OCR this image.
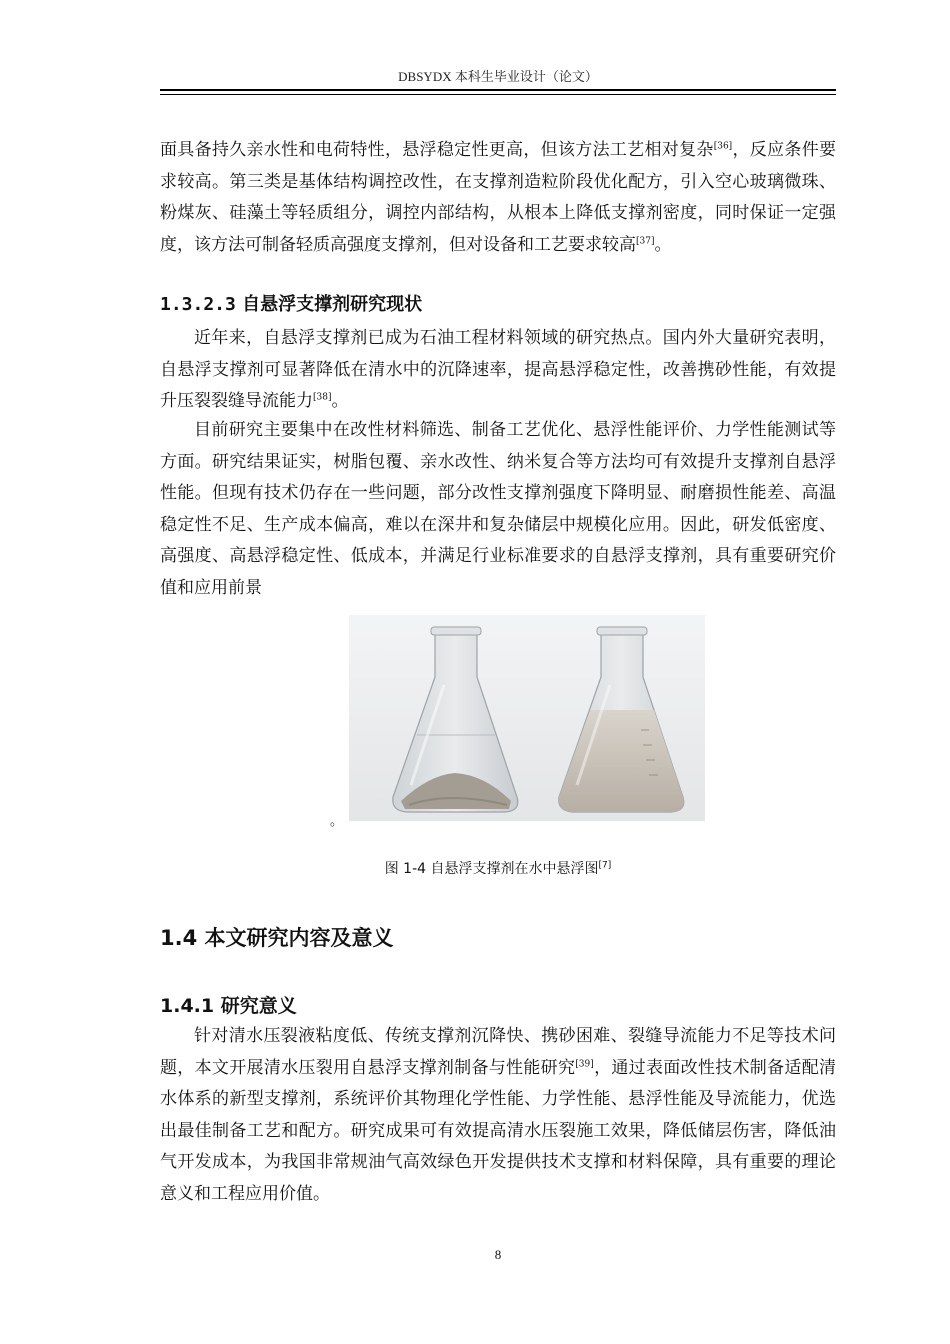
DBSYDX 本科生毕业设计（论文）

面具备持久亲水性和电荷特性，悬浮稳定性更高，但该方法工艺相对复杂[36]，反应条件要求较高。第三类是基体结构调控改性，在支撑剂造粒阶段优化配方，引入空心玻璃微珠、粉煤灰、硅藻土等轻质组分，调控内部结构，从根本上降低支撑剂密度，同时保证一定强度，该方法可制备轻质高强度支撑剂，但对设备和工艺要求较高[37]。

1.3.2.3 自悬浮支撑剂研究现状

近年来，自悬浮支撑剂已成为石油工程材料领域的研究热点。国内外大量研究表明，自悬浮支撑剂可显著降低在清水中的沉降速率，提高悬浮稳定性，改善携砂性能，有效提升压裂裂缝导流能力[38]。

目前研究主要集中在改性材料筛选、制备工艺优化、悬浮性能评价、力学性能测试等方面。研究结果证实，树脂包覆、亲水改性、纳米复合等方法均可有效提升支撑剂自悬浮性能。但现有技术仍存在一些问题，部分改性支撑剂强度下降明显、耐磨损性能差、高温稳定性不足、生产成本偏高，难以在深井和复杂储层中规模化应用。因此，研发低密度、高强度、高悬浮稳定性、低成本，并满足行业标准要求的自悬浮支撑剂，具有重要研究价值和应用前景

。
图 1-4 自悬浮支撑剂在水中悬浮图[7]
1.4 本文研究内容及意义
1.4.1 研究意义

针对清水压裂液粘度低、传统支撑剂沉降快、携砂困难、裂缝导流能力不足等技术问题，本文开展清水压裂用自悬浮支撑剂制备与性能研究[39]，通过表面改性技术制备适配清水体系的新型支撑剂，系统评价其物理化学性能、力学性能、悬浮性能及导流能力，优选出最佳制备工艺和配方。研究成果可有效提高清水压裂施工效果，降低储层伤害，降低油气开发成本，为我国非常规油气高效绿色开发提供技术支撑和材料保障，具有重要的理论意义和工程应用价值。

8
